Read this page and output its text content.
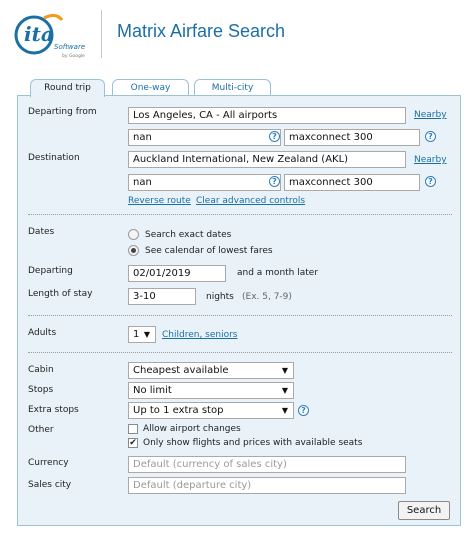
ita
Software
by Google
Matrix Airfare Search
Round trip	One-way	Multi-city
Departing from	Los Angeles, CA - All airports	Nearby
nan	?	maxconnect 300	?
Destination	Auckland International, New Zealand (AKL)	Nearby
nan	?	maxconnect 300	?
Reverse route Clear advanced controls
Dates	Search exact dates
See calendar of lowest fares
Departing	02/01/2019	and a month later
Length of stay	3-10	nights (Ex. 5, 7-9)
Adults	1 ▼ Children, seniors
Cabin	Cheapest available	▼
Stops	No limit	▼
Extra stops	Up to 1 extra stop	▼	?
Other	Allow airport changes
✔ Only show flights and prices with available seats
Currency	Default (currency of sales city)
Sales city	Default (departure city)
Search
